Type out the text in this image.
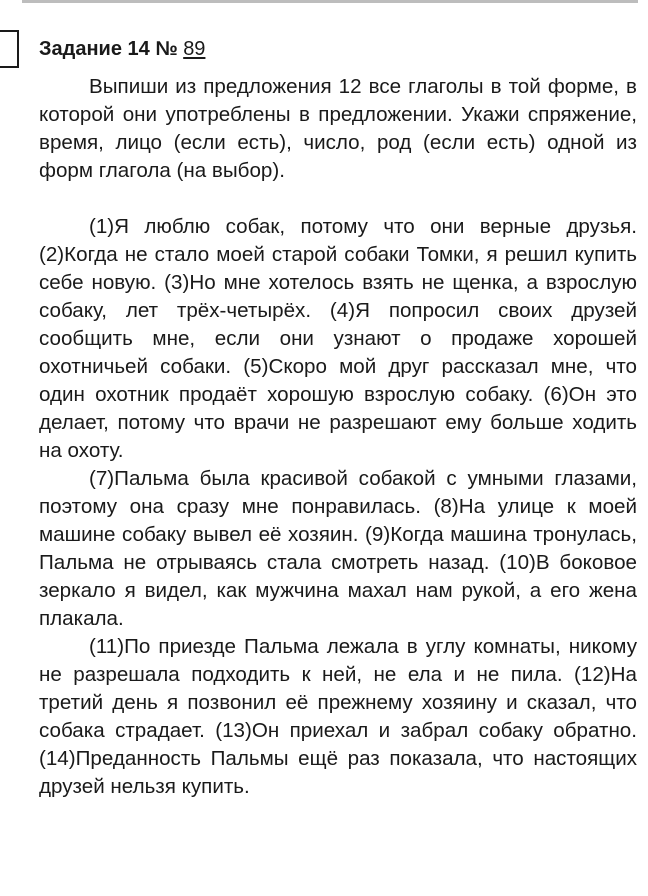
Задание 14 № 89

Выпиши из предложения 12 все глаголы в той форме, в которой они употреблены в предложении. Укажи спряжение, время, лицо (если есть), число, род (если есть) одной из форм глагола (на выбор).

(1)Я люблю собак, потому что они верные друзья. (2)Когда не стало моей старой собаки Томки, я решил купить себе новую. (3)Но мне хотелось взять не щенка, а взрослую собаку, лет трёх-четырёх. (4)Я попросил своих друзей сообщить мне, если они узнают о продаже хорошей охотничьей собаки. (5)Скоро мой друг рассказал мне, что один охотник продаёт хорошую взрослую собаку. (6)Он это делает, потому что врачи не разрешают ему больше ходить на охоту.

(7)Пальма была красивой собакой с умными глазами, поэтому она сразу мне понравилась. (8)На улице к моей машине собаку вывел её хозяин. (9)Когда машина тронулась, Пальма не отрываясь стала смотреть назад. (10)В боковое зеркало я видел, как мужчина махал нам рукой, а его жена плакала.

(11)По приезде Пальма лежала в углу комнаты, никому не разрешала подходить к ней, не ела и не пила. (12)На третий день я позвонил её прежнему хозяину и сказал, что собака страдает. (13)Он приехал и забрал собаку обратно. (14)Преданность Пальмы ещё раз показала, что настоящих друзей нельзя купить.
